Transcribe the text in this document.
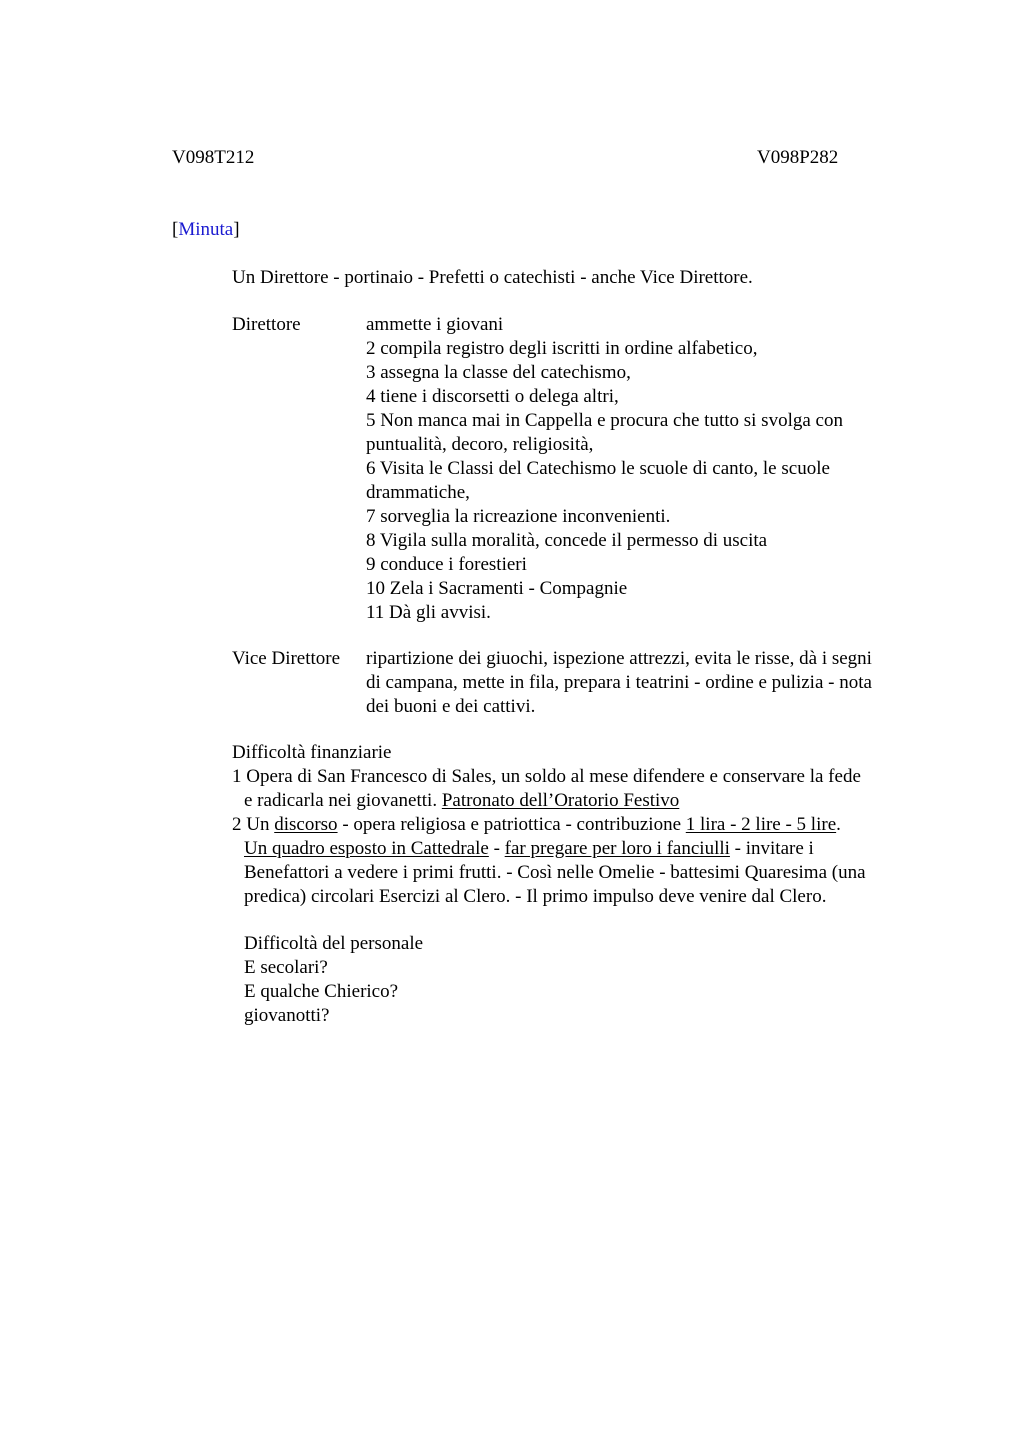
V098T212	V098P282
[Minuta]
Un Direttore - portinaio - Prefetti o catechisti - anche Vice Direttore.
Direttore	ammette i giovani
2 compila registro degli iscritti in ordine alfabetico,
3 assegna la classe del catechismo,
4 tiene i discorsetti o delega altri,
5 Non manca mai in Cappella e procura che tutto si svolga con
puntualità, decoro, religiosità,
6 Visita le Classi del Catechismo le scuole di canto, le scuole
drammatiche,
7 sorveglia la ricreazione inconvenienti.
8 Vigila sulla moralità, concede il permesso di uscita
9 conduce i forestieri
10 Zela i Sacramenti - Compagnie
11 Dà gli avvisi.
Vice Direttore ripartizione dei giuochi, ispezione attrezzi, evita le risse, dà i segni
di campana, mette in fila, prepara i teatrini - ordine e pulizia - nota
dei buoni e dei cattivi.
Difficoltà finanziarie
1 Opera di San Francesco di Sales, un soldo al mese difendere e conservare la fede
e radicarla nei giovanetti. Patronato dell’Oratorio Festivo
2 Un discorso - opera religiosa e patriottica - contribuzione 1 lira - 2 lire - 5 lire.
Un quadro esposto in Cattedrale - far pregare per loro i fanciulli - invitare i
Benefattori a vedere i primi frutti. - Così nelle Omelie - battesimi Quaresima (una
predica) circolari Esercizi al Clero. - Il primo impulso deve venire dal Clero.
Difficoltà del personale
E secolari?
E qualche Chierico?
giovanotti?
